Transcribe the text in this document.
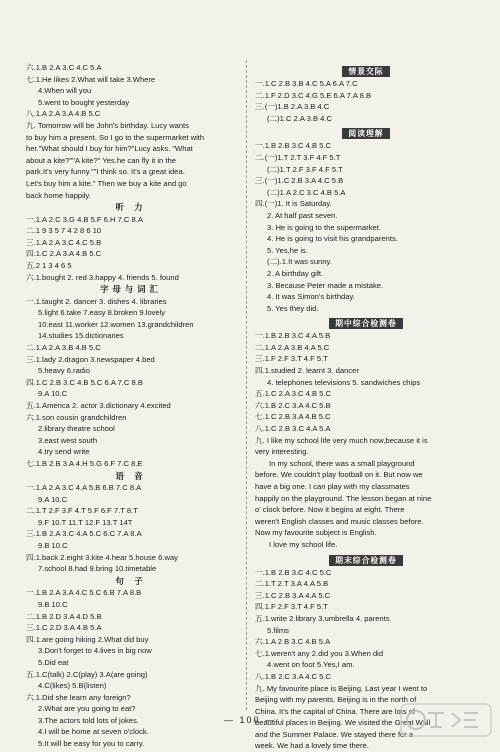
六.1.B 2.A 3.C 4.C 5.A
七.1.He likes 2.What will take 3.Where
4.When will you
5.went to bought yesterday
八.1.A 2.A 3.A 4.B 5.C
九. Tomorrow will be John's birthday. Lucy wants
to buy him a present. So I go to the supermarket with
her."What should I buy for him?"Lucy asks. "What
about a kite?""A kite?" Yes.he can fly it in the
park.It's very funny.""I think so. It's a great idea.
Let's buy him a kite." Then we buy a kite and go
back home happily.
听 力
一.1.A 2.C 3.G 4.B 5.F 6.H 7.C 8.A
二.1 9 3 5 7 4 2 8 6 10
三.1.A 2.A 3.C 4.C 5.B
四.1.C 2.A 3.A 4.B 5.C
五.2 1 3 4 6 5
六.1.bought 2. red 3.happy 4. friends 5. found
字母与词汇
一.1.taught 2. dancer 3. dishes 4. libraries
5.light 6.take 7.easy 8.broken 9.lovely
10.east 11.worker 12.women 13.grandchildren
14.studies 15.dictionaries
二.1.A 2.A 3.B 4.B 5.C
三.1.lady 2.dragon 3.newspaper 4.bed
5.heavy 6.radio
四.1.C 2.B 3.C 4.B 5.C 6.A 7.C 8.B
9.A 10.C
五.1.America 2. actor 3.dictionary 4.excited
六.1.son cousin grandchildren
2.library theatre school
3.east west south
4.try send write
七.1.B 2.B 3.A 4.H 5.G 6.F 7.C 8.E
语 音
一.1.A 2.A 3.C 4.A 5.B 6.B 7.C 8.A
9.A 10.C
二.1.T 2.F 3.F 4.T 5.F 6.F 7.T 8.T
9.F 10.T 11.T 12.F 13.T 14T
三.1.B 2.A 3.C 4.A 5.C 6.C 7.A 8.A
9.B 10.C
四.1.back 2.eight 3.kite 4.hear 5.house 6.way
7.school 8.had 9.bring 10.timetable
句 子
一.1.B 2.A 3.A 4.C 5.C 6.B 7.A 8.B
9.B 10.C
二.1.B 2.D 3.A 4.D 5.B
三.1.C 2.D 3.A 4.B 5.A
四.1.are going hiking 2.What did buy
3.Don't forget to 4.lives in big now
5.Did eat
五.1.C(talk) 2.C(play) 3.A(are going)
4.C(likes) 5.B(listen)
六.1.Did she learn any foreign?
2.What are you going to eat?
3.The actors told lots of jokes.
4.I will be home at seven o'clock.
5.It will be easy for you to carry.
情景交际
一.1.C 2.B 3.B 4.C 5.A 6.A 7.C
二.1.F 2.D 3.C 4.G 5.E 6.A 7.A 8.B
三.(一)1.B 2.A 3.B 4.C
(二)1.C 2.A 3.B 4.C
阅读理解
一.1.B 2.B 3.C 4.B 5.C
二.(一)1.T 2.T 3.F 4.F 5.T
(二)1.T 2.F 3.F 4.F 5.T
三.(一)1.C 2.B 3.A 4.C 5.B
(二)1.A 2.C 3.C 4.B 5.A
四.(一)1. It is Saturday.
2. At half past seven.
3. He is going to the supermarket.
4. He is going to visit his grandparents.
5. Yes,he is.
(二).1.It was sunny.
2. A birthday gift.
3. Because Peter made a mistake.
4. It was Simon's birthday.
5. Yes they did.
期中综合检测卷
一.1.B 2.B 3.C 4.A 5.B
二.1.A 2.A 3.B 4.A 5.C
三.1.F 2.F 3.T 4.F 5.T
四.1.studied 2. learnt 3. dancer
4. telephones televisions 5. sandwiches chips
五.1.C 2.A 3.C 4.B 5.C
六.1.B 2.C 3.A 4.C 5.B
七.1.C 2.B 3.A 4.B 5.C
八.1.C 2.B 3.C 4.A 5.A
九. I like my school life very much now,because it is
very interesting.
In my school, there was a small playground
before. We couldn't play football on it. But now we
have a big one. I can play with my classmates
happily on the playground. The lesson began at nine
o' clock before. Now it begins at eight. There
weren't English classes and music classes before.
Now my favourite subject is English.
I love my school life.
期末综合检测卷
一.1.B 2.B 3.C 4.C 5.C
二.1.T 2.T 3.A 4.A 5.B
三.1.C 2.B 3.A 4.A 5.C
四.1.F 2.F 3.T 4.F 5.T
五.1.write 2.library 3.umbrella 4. parents
5.films
六.1.A 2.B 3.C 4.B 5.A
七.1.weren't any 2.did you 3.When did
4.went on foot 5.Yes,I am.
八.1.B 2.C 3.A 4.C 5.C
九. My favourite place is Beijing. Last year I went to
Beijing with my parents. Beijing is in the north of
China. It's the capital of China. There are lots of
beautiful places in Beijing. We visited the Great Wall
and the Summer Palace. We stayed there for a
week. We had a lovely time there.
— 100 —
